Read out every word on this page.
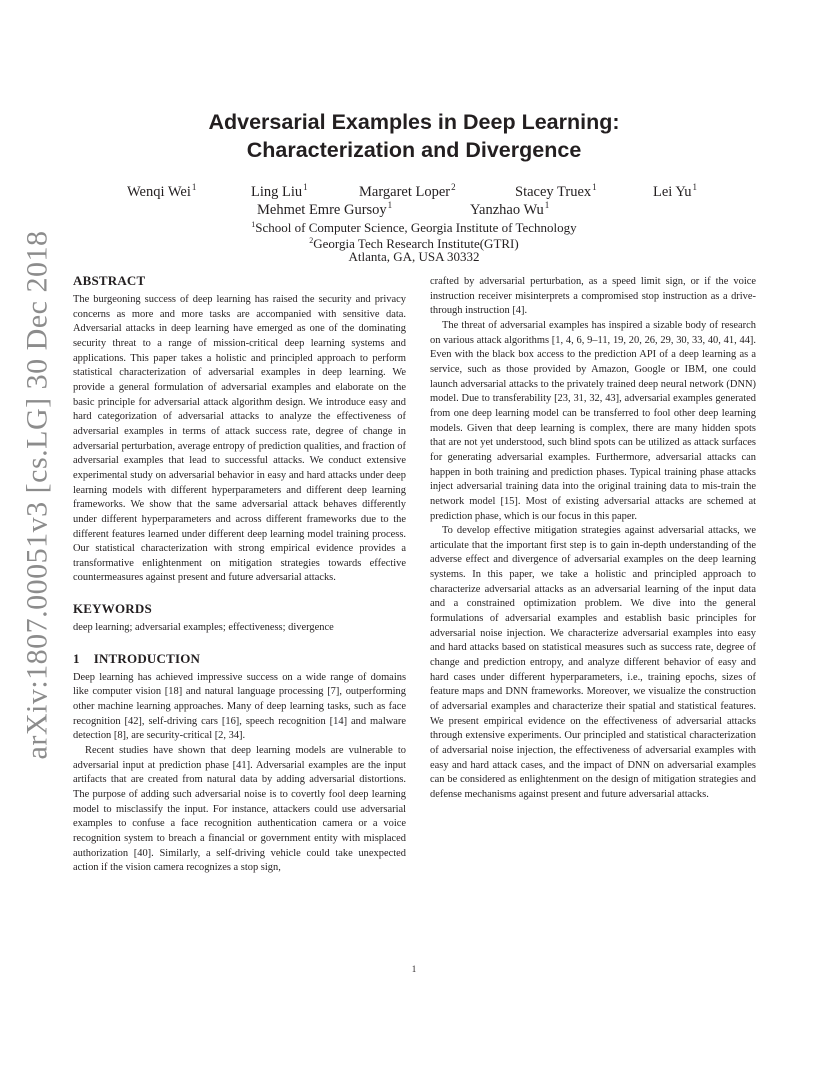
arXiv:1807.00051v3 [cs.LG] 30 Dec 2018
Adversarial Examples in Deep Learning:
Characterization and Divergence
Wenqi Wei$^1$	Ling Liu$^1$	Margaret Loper$^2$	Stacey Truex$^1$	Lei Yu$^1$
Mehmet Emre Gursoy$^1$	Yanzhao Wu$^1$
$^1$School of Computer Science, Georgia Institute of Technology
$^2$Georgia Tech Research Institute(GTRI)
Atlanta, GA, USA 30332
ABSTRACT

The burgeoning success of deep learning has raised the security and privacy concerns as more and more tasks are accompanied with sensitive data. Adversarial attacks in deep learning have emerged as one of the dominating security threat to a range of mission-critical deep learning systems and applications. This paper takes a holistic and principled approach to perform statistical characterization of adversarial examples in deep learning. We provide a general formulation of adversarial examples and elaborate on the basic principle for adversarial attack algorithm design. We introduce easy and hard categorization of adversarial attacks to analyze the effectiveness of adversarial examples in terms of attack success rate, degree of change in adversarial perturbation, average entropy of prediction qualities, and fraction of adversarial examples that lead to successful attacks. We conduct extensive experimental study on adversarial behavior in easy and hard attacks under deep learning models with different hyperparameters and different deep learning frameworks. We show that the same adversarial attack behaves differently under different hyperparameters and across different frameworks due to the different features learned under different deep learning model training process. Our statistical characterization with strong empirical evidence provides a transformative enlightenment on mitigation strategies towards effective countermeasures against present and future adversarial attacks.

KEYWORDS

deep learning; adversarial examples; effectiveness; divergence

1 INTRODUCTION

Deep learning has achieved impressive success on a wide range of domains like computer vision [18] and natural language processing [7], outperforming other machine learning approaches. Many of deep learning tasks, such as face recognition [42], self-driving cars [16], speech recognition [14] and malware detection [8], are security-critical [2, 34].

Recent studies have shown that deep learning models are vulnerable to adversarial input at prediction phase [41]. Adversarial examples are the input artifacts that are created from natural data by adding adversarial distortions. The purpose of adding such adversarial noise is to covertly fool deep learning model to misclassify the input. For instance, attackers could use adversarial examples to confuse a face recognition authentication camera or a voice recognition system to breach a financial or government entity with misplaced authorization [40]. Similarly, a self-driving vehicle could take unexpected action if the vision camera recognizes a stop sign,

crafted by adversarial perturbation, as a speed limit sign, or if the voice instruction receiver misinterprets a compromised stop instruction as a drive-through instruction [4].

The threat of adversarial examples has inspired a sizable body of research on various attack algorithms [1, 4, 6, 9–11, 19, 20, 26, 29, 30, 33, 40, 41, 44]. Even with the black box access to the prediction API of a deep learning as a service, such as those provided by Amazon, Google or IBM, one could launch adversarial attacks to the privately trained deep neural network (DNN) model. Due to transferability [23, 31, 32, 43], adversarial examples generated from one deep learning model can be transferred to fool other deep learning models. Given that deep learning is complex, there are many hidden spots that are not yet understood, such blind spots can be utilized as attack surfaces for generating adversarial examples. Furthermore, adversarial attacks can happen in both training and prediction phases. Typical training phase attacks inject adversarial training data into the original training data to mis-train the network model [15]. Most of existing adversarial attacks are schemed at prediction phase, which is our focus in this paper.

To develop effective mitigation strategies against adversarial attacks, we articulate that the important first step is to gain in-depth understanding of the adverse effect and divergence of adversarial examples on the deep learning systems. In this paper, we take a holistic and principled approach to characterize adversarial attacks as an adversarial learning of the input data and a constrained optimization problem. We dive into the general formulations of adversarial examples and establish basic principles for adversarial noise injection. We characterize adversarial examples into easy and hard attacks based on statistical measures such as success rate, degree of change and prediction entropy, and analyze different behavior of easy and hard cases under different hyperparameters, i.e., training epochs, sizes of feature maps and DNN frameworks. Moreover, we visualize the construction of adversarial examples and characterize their spatial and statistical features. We present empirical evidence on the effectiveness of adversarial attacks through extensive experiments. Our principled and statistical characterization of adversarial noise injection, the effectiveness of adversarial examples with easy and hard attack cases, and the impact of DNN on adversarial examples can be considered as enlightenment on the design of mitigation strategies and defense mechanisms against present and future adversarial attacks.

1
